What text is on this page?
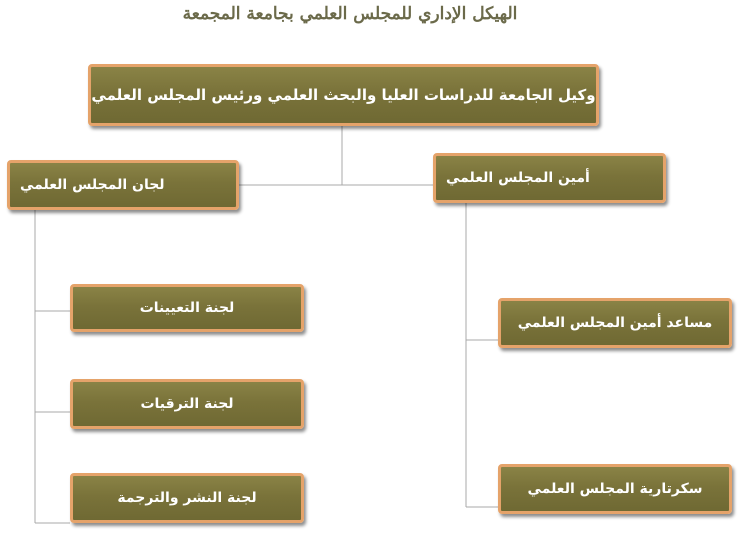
الهيكل الإداري للمجلس العلمي بجامعة المجمعة
وكيل الجامعة للدراسات العليا والبحث العلمي ورئيس المجلس العلمي
لجان المجلس العلمي	أمين المجلس العلمي
لجنة التعيينات
لجنة الترقيات
لجنة النشر والترجمة
مساعد أمين المجلس العلمي
سكرتارية المجلس العلمي
